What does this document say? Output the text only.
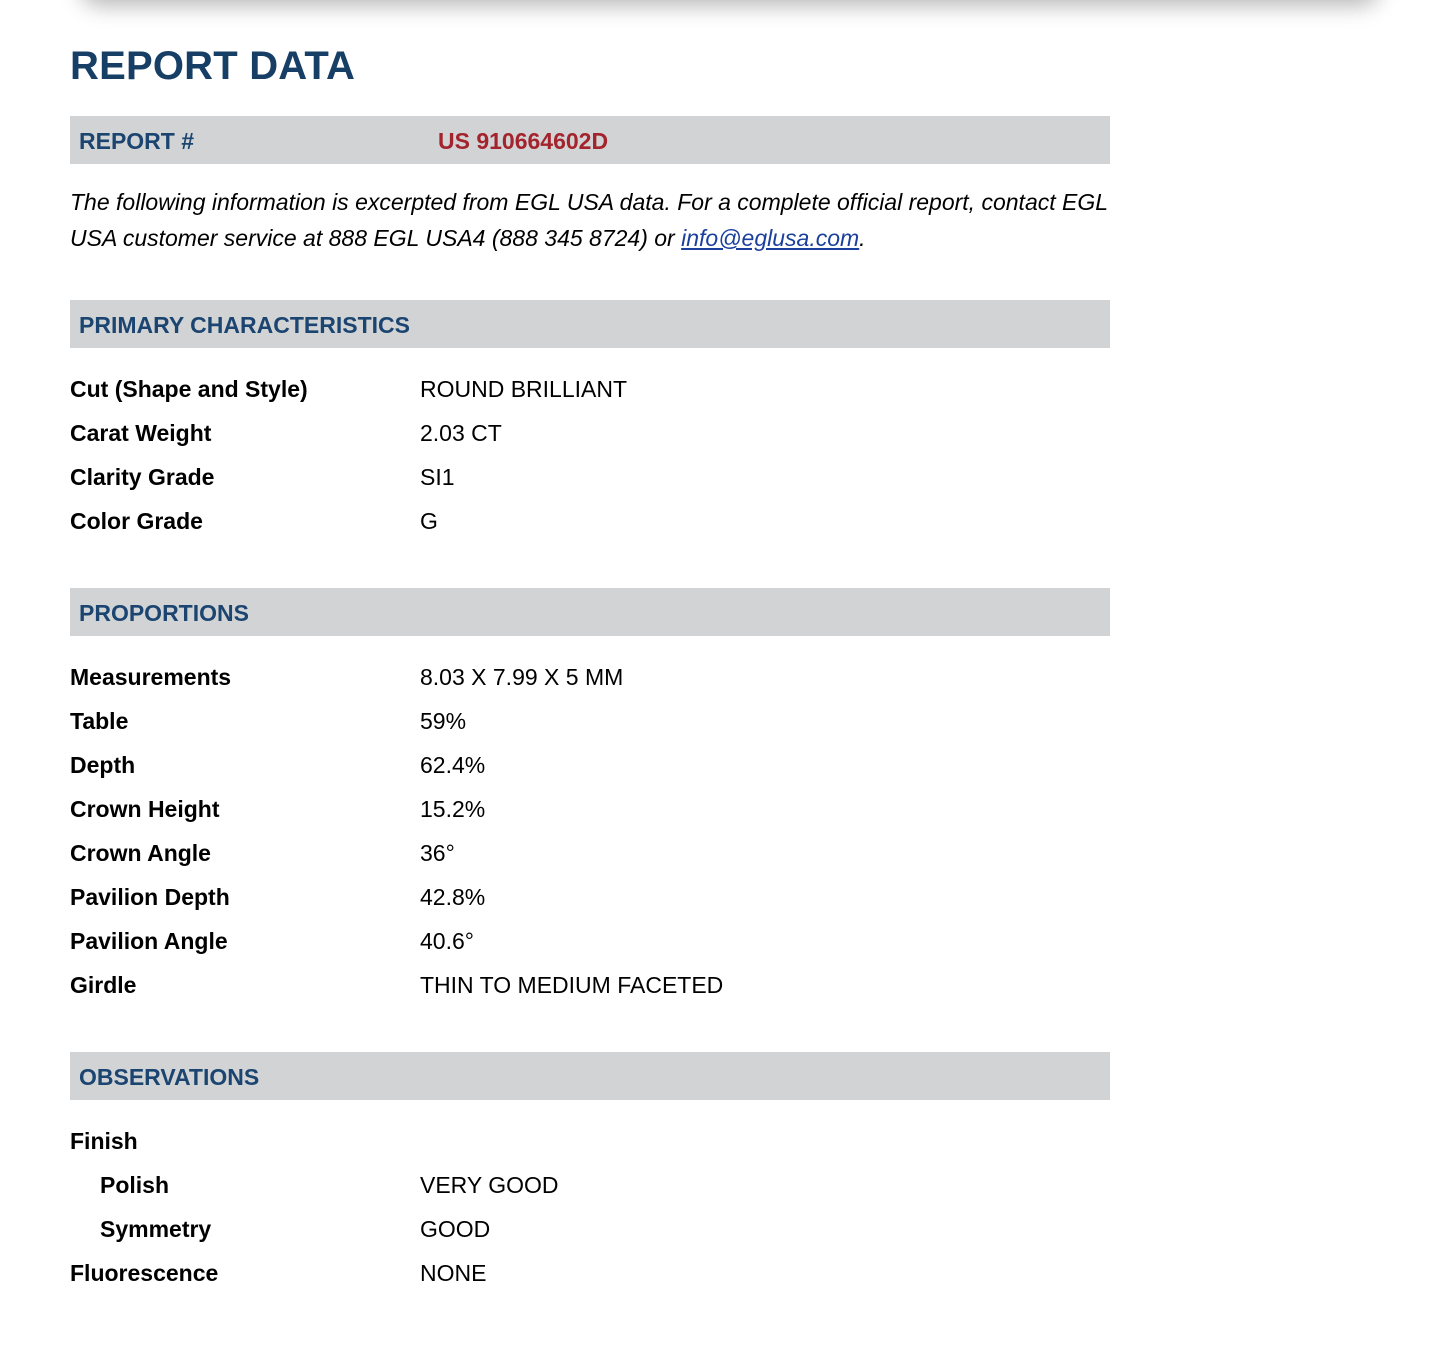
REPORT DATA
REPORT #	US 910664602D

The following information is excerpted from EGL USA data. For a complete official report, contact EGL USA customer service at 888 EGL USA4 (888 345 8724) or info@eglusa.com.

PRIMARY CHARACTERISTICS
Cut (Shape and Style)	ROUND BRILLIANT
Carat Weight	2.03 CT
Clarity Grade	SI1
Color Grade	G
PROPORTIONS
Measurements	8.03 X 7.99 X 5 MM
Table	59%
Depth	62.4%
Crown Height	15.2%
Crown Angle	36°
Pavilion Depth	42.8%
Pavilion Angle	40.6°
Girdle	THIN TO MEDIUM FACETED
OBSERVATIONS
Finish
Polish	VERY GOOD
Symmetry	GOOD
Fluorescence	NONE
